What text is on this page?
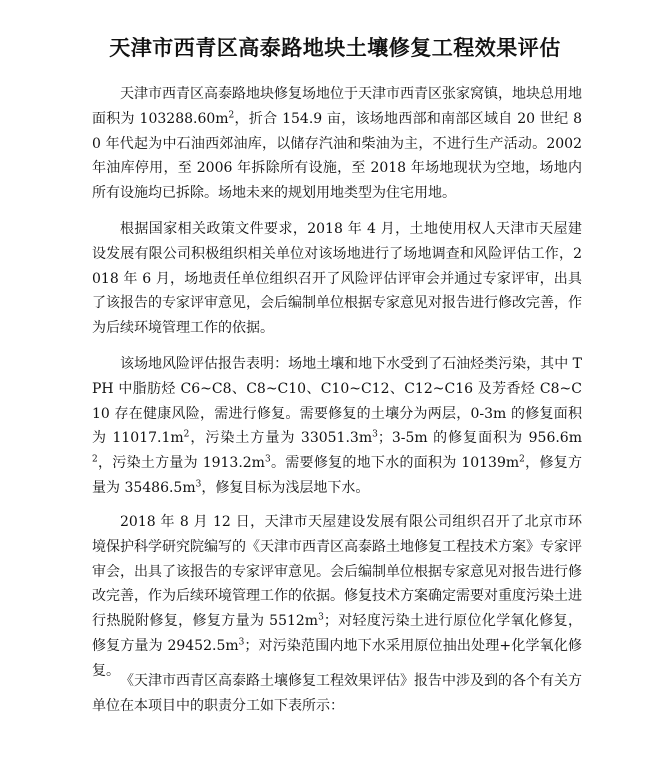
天津市西青区高泰路地块土壤修复工程效果评估

天津市西青区高泰路地块修复场地位于天津市西青区张家窝镇，地块总用地面积为 $103288.60m^2$，折合 154.9 亩，该场地西部和南部区域自 20 世纪 80 年代起为中石油西郊油库，以储存汽油和柴油为主，不进行生产活动。2002 年油库停用，至 2006 年拆除所有设施，至 2018 年场地现状为空地，场地内所有设施均已拆除。场地未来的规划用地类型为住宅用地。

根据国家相关政策文件要求，2018 年 4 月，土地使用权人天津市天屋建设发展有限公司积极组织相关单位对该场地进行了场地调查和风险评估工作，2018 年 6 月，场地责任单位组织召开了风险评估评审会并通过专家评审，出具了该报告的专家评审意见，会后编制单位根据专家意见对报告进行修改完善，作为后续环境管理工作的依据。

该场地风险评估报告表明：场地土壤和地下水受到了石油烃类污染，其中 TPH 中脂肪烃 C6~C8、C8~C10、C10~C12、C12~C16 及芳香烃 C8~C10 存在健康风险，需进行修复。需要修复的土壤分为两层，0-3m 的修复面积为 $11017.1m^2$，污染土方量为 $33051.3m^3$；3-5m 的修复面积为 $956.6m^2$，污染土方量为 $1913.2m^3$。需要修复的地下水的面积为 $10139m^2$，修复方量为 $35486.5m^3$，修复目标为浅层地下水。

2018 年 8 月 12 日，天津市天屋建设发展有限公司组织召开了北京市环境保护科学研究院编写的《天津市西青区高泰路土地修复工程技术方案》专家评审会，出具了该报告的专家评审意见。会后编制单位根据专家意见对报告进行修改完善，作为后续环境管理工作的依据。修复技术方案确定需要对重度污染土进行热脱附修复，修复方量为 $5512m^3$；对轻度污染土进行原位化学氧化修复，修复方量为 $29452.5m^3$；对污染范围内地下水采用原位抽出处理+化学氧化修复。

《天津市西青区高泰路土壤修复工程效果评估》报告中涉及到的各个有关方单位在本项目中的职责分工如下表所示：
